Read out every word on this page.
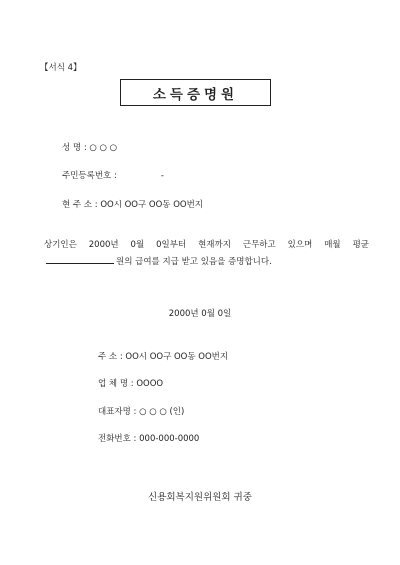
【서식 4】
소득증명원
성 명 : ○ ○ ○
주민등록번호 :	-
현 주 소 : OO시 OO구 OO동 OO번지
상기인은 2000년 0월 0일부터 현재까지 근무하고 있으며 매월 평균 원의 급여를 지급 받고 있음을 증명합니다.
2000년 0월 0일
주 소 : OO시 OO구 OO동 OO번지
업 체 명 : OOOO
대표자명 : ○ ○ ○ (인)
전화번호 : 000-000-0000
신용회복지원위원회 귀중
